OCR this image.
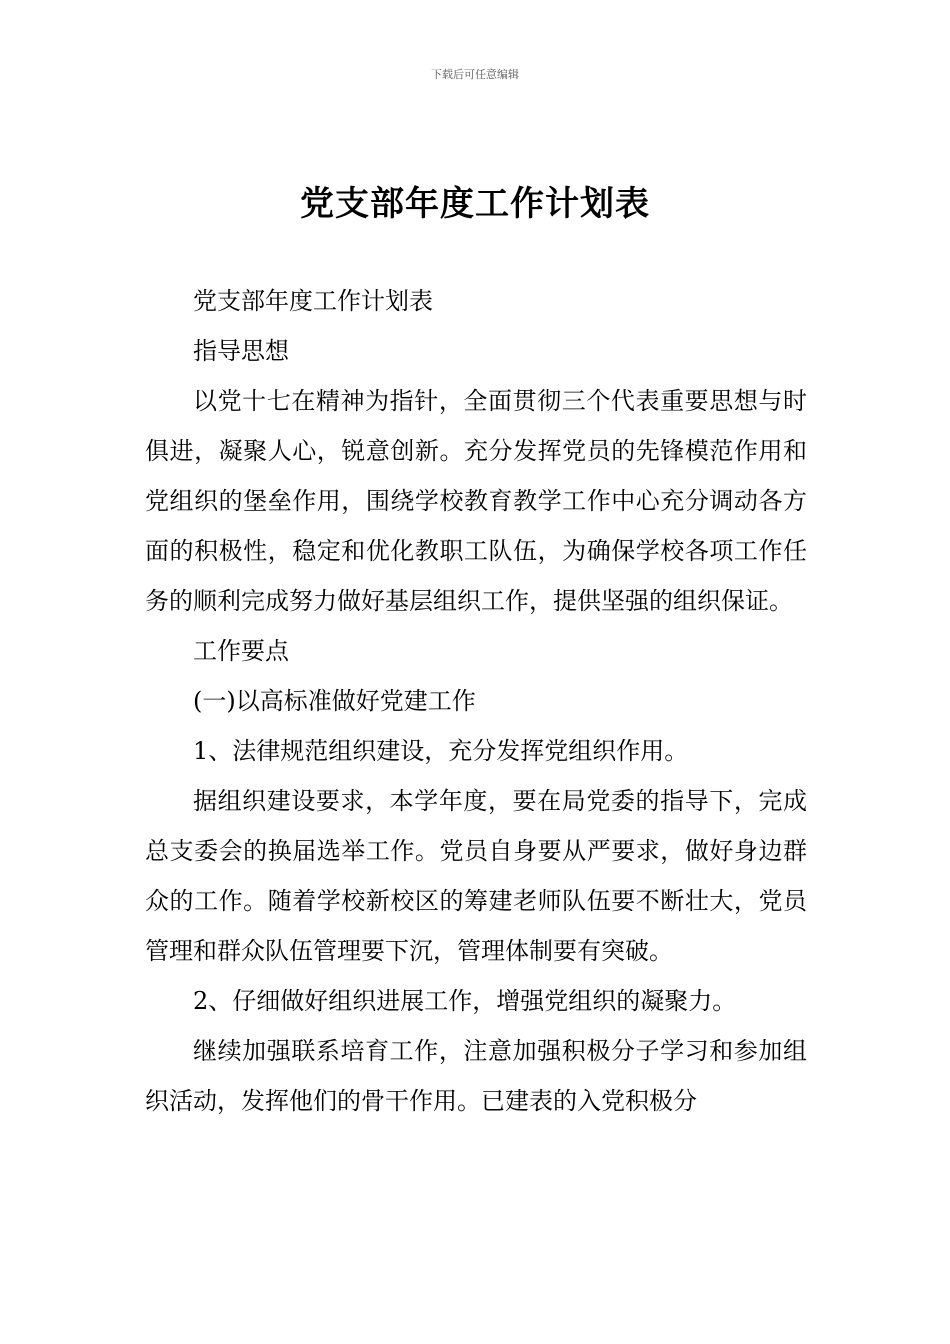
下载后可任意编辑
党支部年度工作计划表

党支部年度工作计划表

指导思想

以党十七在精神为指针，全面贯彻三个代表重要思想与时俱进，凝聚人心，锐意创新。充分发挥党员的先锋模范作用和党组织的堡垒作用，围绕学校教育教学工作中心充分调动各方面的积极性，稳定和优化教职工队伍，为确保学校各项工作任务的顺利完成努力做好基层组织工作，提供坚强的组织保证。

工作要点

(一)以高标准做好党建工作

1、法律规范组织建设，充分发挥党组织作用。

据组织建设要求，本学年度，要在局党委的指导下，完成总支委会的换届选举工作。党员自身要从严要求，做好身边群众的工作。随着学校新校区的筹建老师队伍要不断壮大，党员管理和群众队伍管理要下沉，管理体制要有突破。

2、仔细做好组织进展工作，增强党组织的凝聚力。

继续加强联系培育工作，注意加强积极分子学习和参加组织活动，发挥他们的骨干作用。已建表的入党积极分
